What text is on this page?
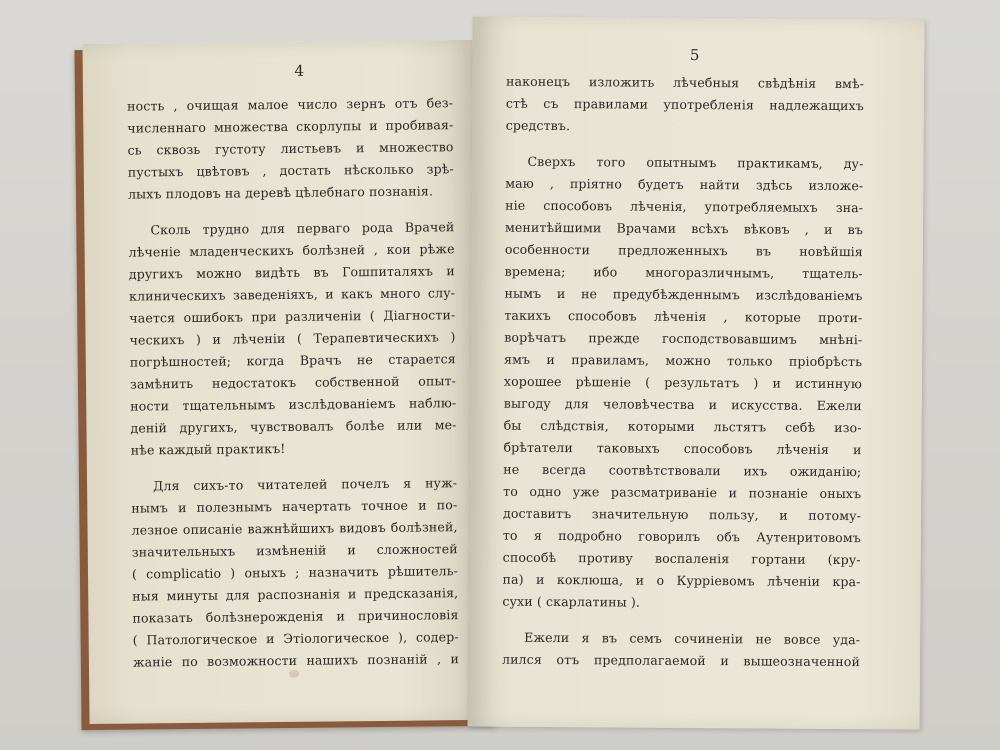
4
ность , очищая малое число зернъ отъ без-
численнаго множества скорлупы и пробивая-
сь сквозь густоту листьевъ и множество
пустыхъ цвѣтовъ , достать нѣсколько зрѣ-
лыхъ плодовъ на деревѣ цѣлебнаго познанія.
Сколь трудно для перваго рода Врачей
лѣченіе младенческихъ болѣзней , кои рѣже
другихъ можно видѣть въ Гошпиталяхъ и
клиническихъ заведеніяхъ, и какъ много слу-
чается ошибокъ при различеніи ( Діагности-
ческихъ ) и лѣченіи ( Терапевтическихъ )
погрѣшностей; когда Врачъ не старается
замѣнить недостатокъ собственной опыт-
ности тщательнымъ изслѣдованіемъ наблю-
деній другихъ, чувствовалъ болѣе или ме-
нѣе каждый практикъ!
Для сихъ-то читателей почелъ я нуж-
нымъ и полезнымъ начертать точное и по-
лезное описаніе важнѣйшихъ видовъ болѣзней,
значительныхъ измѣненій и сложностей
( complicatio ) оныхъ ; назначить рѣшитель-
ныя минуты для распознанія и предсказанія,
показать болѣзнерожденія и причинословія
( Патологическое и Этіологическое ), содер-
жаніе по возможности нашихъ познаній , и
5
наконецъ изложить лѣчебныя свѣдѣнія вмѣ-
стѣ съ правилами употребленія надлежащихъ
средствъ.
Сверхъ того опытнымъ практикамъ, ду-
маю , пріятно будетъ найти здѣсь изложе-
ніе способовъ лѣченія, употребляемыхъ зна-
менитѣйшими Врачами всѣхъ вѣковъ , и въ
особенности предложенныхъ въ новѣйшія
времена; ибо многоразличнымъ, тщатель-
нымъ и не предубѣжденнымъ изслѣдованіемъ
такихъ способовъ лѣченія , которые проти-
ворѣчатъ прежде господствовавшимъ мнѣні-
ямъ и правиламъ, можно только пріобрѣсть
хорошее рѣшеніе ( результатъ ) и истинную
выгоду для человѣчества и искусства. Ежели
бы слѣдствія, которыми льстятъ себѣ изо-
брѣтатели таковыхъ способовъ лѣченія и
не всегда соотвѣтствовали ихъ ожиданію;
то одно уже разсматриваніе и познаніе оныхъ
доставитъ значительную пользу, и потому-
то я подробно говорилъ объ Аутенритовомъ
способѣ противу воспаленія гортани (кру-
па) и коклюша, и о Курріевомъ лѣченіи кра-
сухи ( скарлатины ).
Ежели я въ семъ сочиненіи не вовсе уда-
лился отъ предполагаемой и вышеозначенной
